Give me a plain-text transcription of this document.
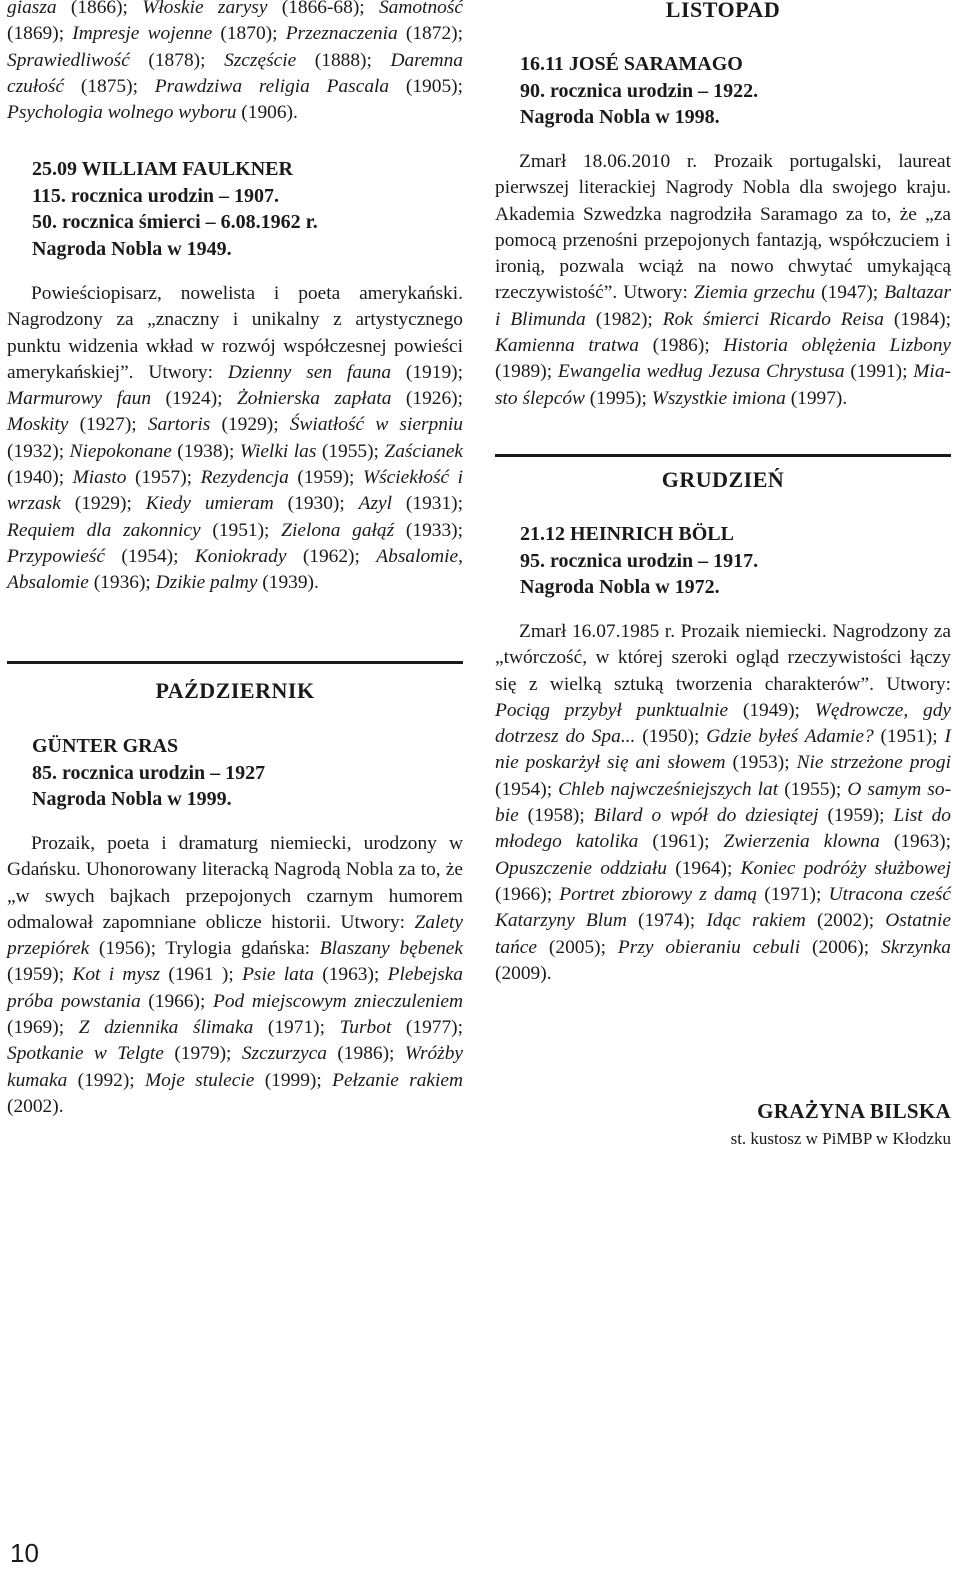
giasza (1866); Włoskie zarysy (1866-68); Samotność (1869); Impresje wojenne (1870); Przeznaczenia (1872); Sprawiedliwość (1878); Szczęście (1888); Daremna czułość (1875); Prawdziwa religia Pascala (1905); Psychologia wolnego wyboru (1906).

25.09 WILLIAM FAULKNER
115. rocznica urodzin – 1907.
50. rocznica śmierci – 6.08.1962 r.
Nagroda Nobla w 1949.

Powieściopisarz, nowelista i poeta amerykański. Nagrodzony za „znaczny i unikalny z artystycznego punktu widzenia wkład w rozwój współczesnej powieści amerykańskiej”. Utwory: Dzienny sen fauna (1919); Marmurowy faun (1924); Żołnierska zapłata (1926); Moskity (1927); Sartoris (1929); Światłość w sierpniu (1932); Niepokonane (1938); Wielki las (1955); Zaścianek (1940); Miasto (1957); Rezydencja (1959); Wściekłość i wrzask (1929); Kiedy umieram (1930); Azyl (1931); Requiem dla zakonnicy (1951); Zielona gałąź (1933); Przypowieść (1954); Koniokrady (1962); Absalomie, Absalomie (1936); Dzikie palmy (1939).

PAŹDZIERNIK
GÜNTER GRAS
85. rocznica urodzin – 1927
Nagroda Nobla w 1999.

Prozaik, poeta i dramaturg niemiecki, urodzony w Gdańsku. Uhonorowany literacką Nagrodą Nobla za to, że „w swych bajkach przepojonych czarnym humorem odmalował zapomniane oblicze historii. Utwory: Zalety przepiórek (1956); Trylogia gdańska: Blaszany bębenek (1959); Kot i mysz (1961 ); Psie lata (1963); Plebejska próba powstania (1966); Pod miejscowym znieczuleniem (1969); Z dziennika ślimaka (1971); Turbot (1977); Spotkanie w Telgte (1979); Szczurzyca (1986); Wróżby kumaka (1992); Moje stulecie (1999); Pełzanie rakiem (2002).

LISTOPAD
16.11 JOSÉ SARAMAGO
90. rocznica urodzin – 1922.
Nagroda Nobla w 1998.

Zmarł 18.06.2010 r. Prozaik portugalski, laureat pierwszej literackiej Nagrody Nobla dla swojego kraju. Akademia Szwedzka nagrodziła Saramago za to, że „za pomocą przenośni przepojonych fantazją, współczuciem i ironią, pozwala wciąż na nowo chwytać umykającą rzeczywistość”. Utwory: Ziemia grzechu (1947); Baltazar i Blimunda (1982); Rok śmierci Ricardo Reisa (1984); Kamienna tratwa (1986); Historia oblężenia Lizbony (1989); Ewangelia według Jezusa Chrystusa (1991); Miasto ślepców (1995); Wszystkie imiona (1997).

GRUDZIEŃ
21.12 HEINRICH BÖLL
95. rocznica urodzin – 1917.
Nagroda Nobla w 1972.

Zmarł 16.07.1985 r. Prozaik niemiecki. Nagrodzony za „twórczość, w której szeroki ogląd rzeczywistości łączy się z wielką sztuką tworzenia charakterów”. Utwory: Pociąg przybył punktualnie (1949); Wędrowcze, gdy dotrzesz do Spa... (1950); Gdzie byłeś Adamie? (1951); I nie poskarżył się ani słowem (1953); Nie strzeżone progi (1954); Chleb najwcześniejszych lat (1955); O samym sobie (1958); Bilard o wpół do dziesiątej (1959); List do młodego katolika (1961); Zwierzenia klowna (1963); Opuszczenie oddziału (1964); Koniec podróży służbowej (1966); Portret zbiorowy z damą (1971); Utracona cześć Katarzyny Blum (1974); Idąc rakiem (2002); Ostatnie tańce (2005); Przy obieraniu cebuli (2006); Skrzynka (2009).

GRAŻYNA BILSKA
st. kustosz w PiMBP w Kłodzku
10
